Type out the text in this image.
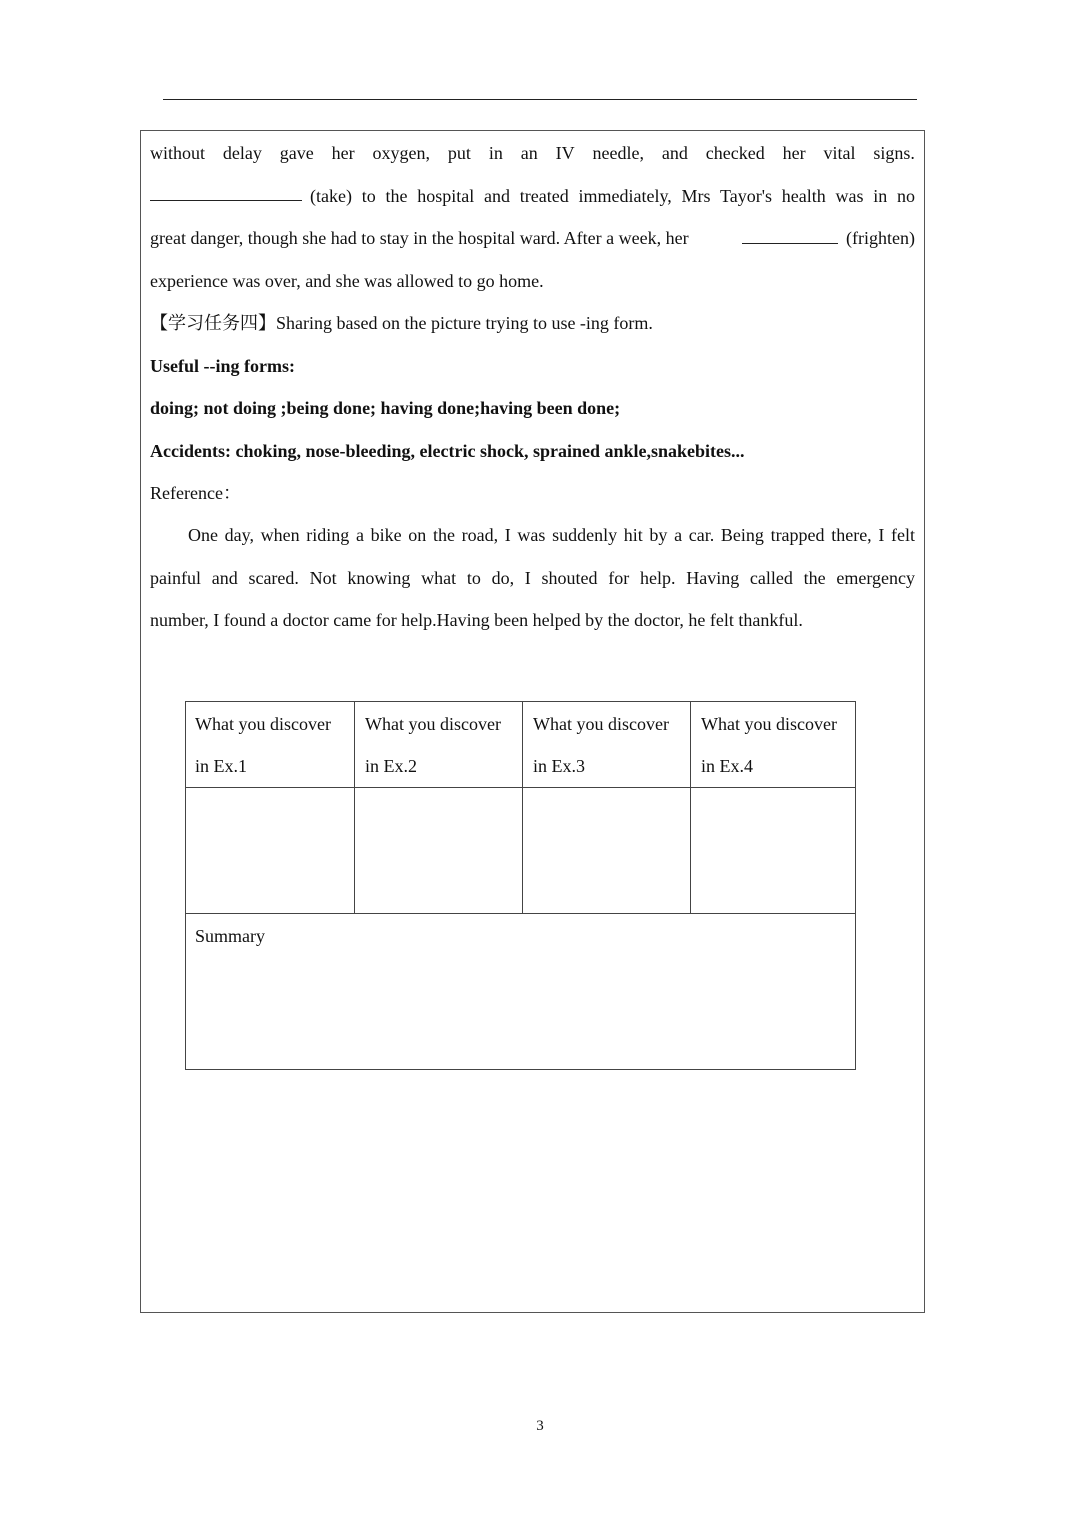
without delay gave her oxygen, put in an IV needle, and checked her vital signs.
(take) to the hospital and treated immediately, Mrs Tayor's health was in no
great danger, though she had to stay in the hospital ward. After a week, her	(frighten)
experience was over, and she was allowed to go home.
【学习任务四】Sharing based on the picture trying to use -ing form.
Useful --ing forms:
doing; not doing ;being done; having done;having been done;
Accidents: choking, nose-bleeding, electric shock, sprained ankle,snakebites...
Reference：
One day, when riding a bike on the road, I was suddenly hit by a car. Being trapped there, I felt
painful and scared. Not knowing what to do, I shouted for help. Having called the emergency
number, I found a doctor came for help.Having been helped by the doctor, he felt thankful.
What you discover
in Ex.1
What you discover
in Ex.2
What you discover
in Ex.3
What you discover
in Ex.4
Summary
3
